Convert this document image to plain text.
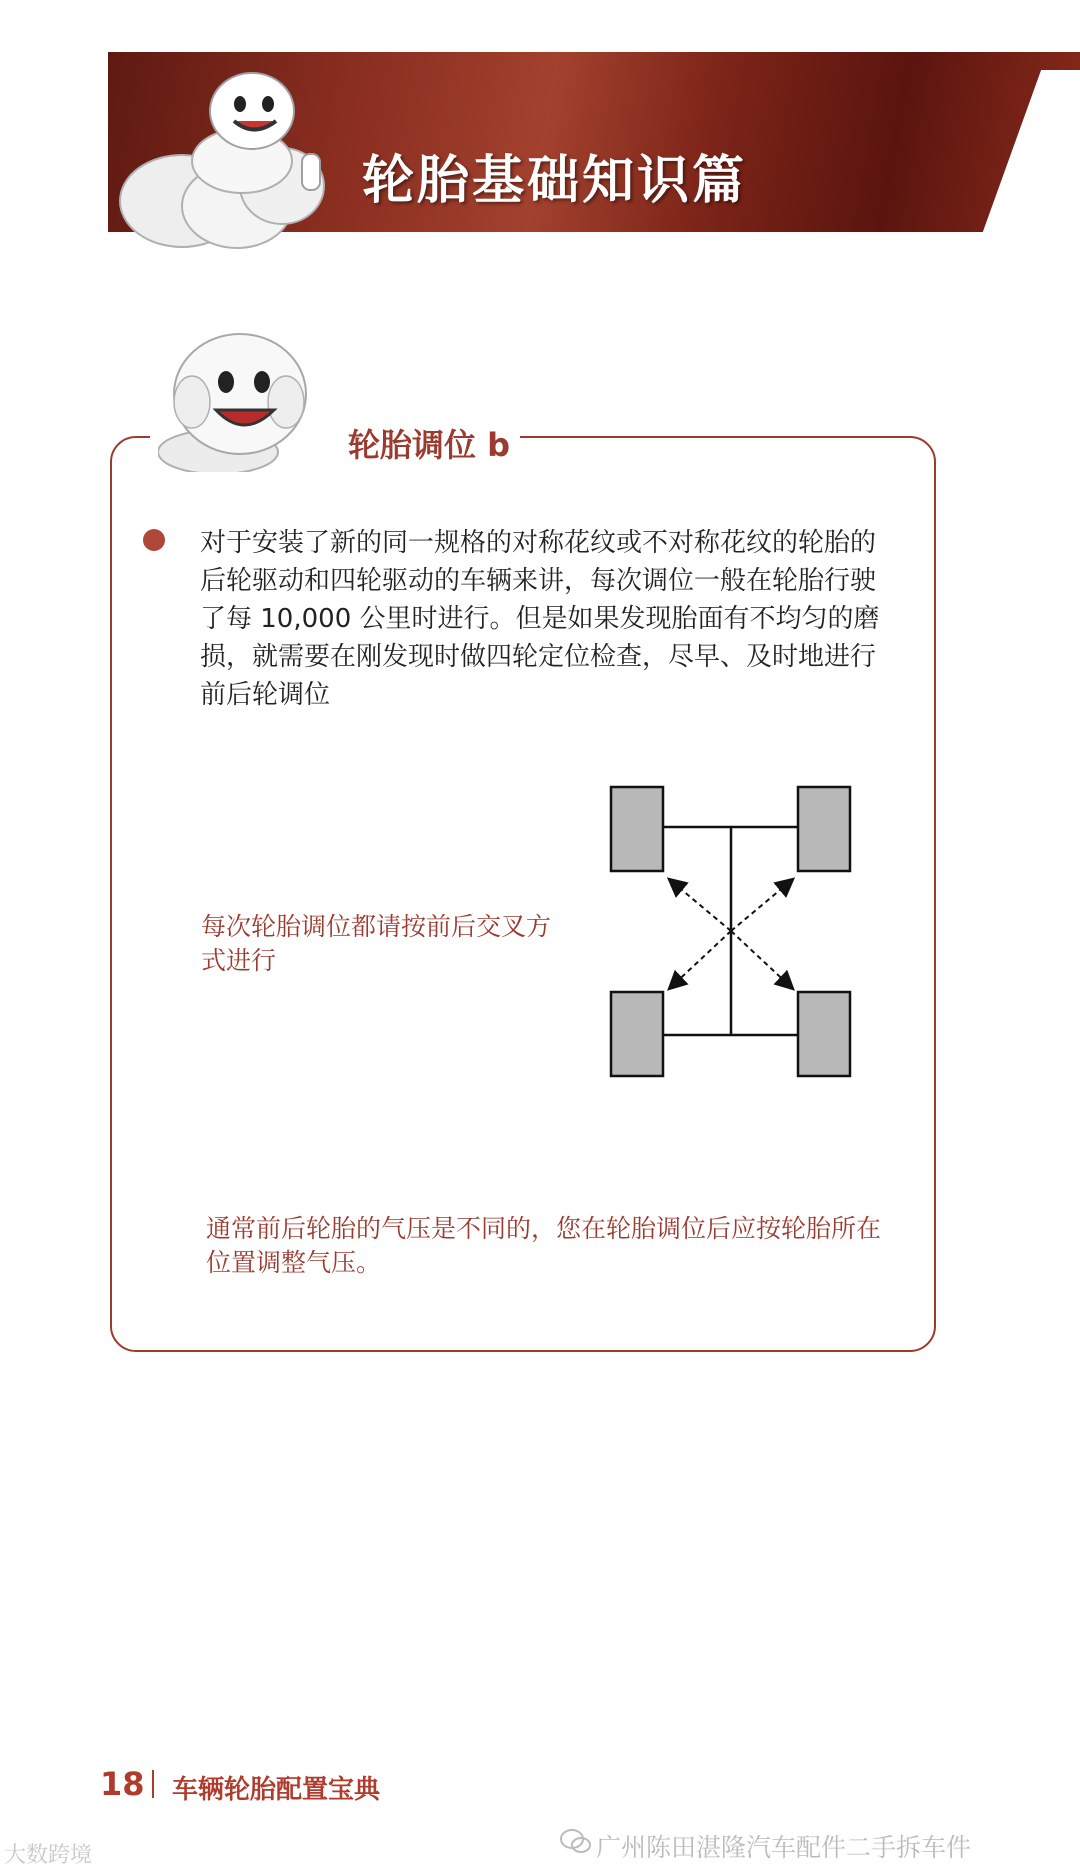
轮胎基础知识篇
轮胎调位 b
对于安装了新的同一规格的对称花纹或不对称花纹的轮胎的后轮驱动和四轮驱动的车辆来讲，每次调位一般在轮胎行驶了每 10,000 公里时进行。但是如果发现胎面有不均匀的磨损，就需要在刚发现时做四轮定位检查，尽早、及时地进行前后轮调位
每次轮胎调位都请按前后交叉方式进行
通常前后轮胎的气压是不同的，您在轮胎调位后应按轮胎所在位置调整气压。
18 车辆轮胎配置宝典
广州陈田湛隆汽车配件二手拆车件
大数跨境
